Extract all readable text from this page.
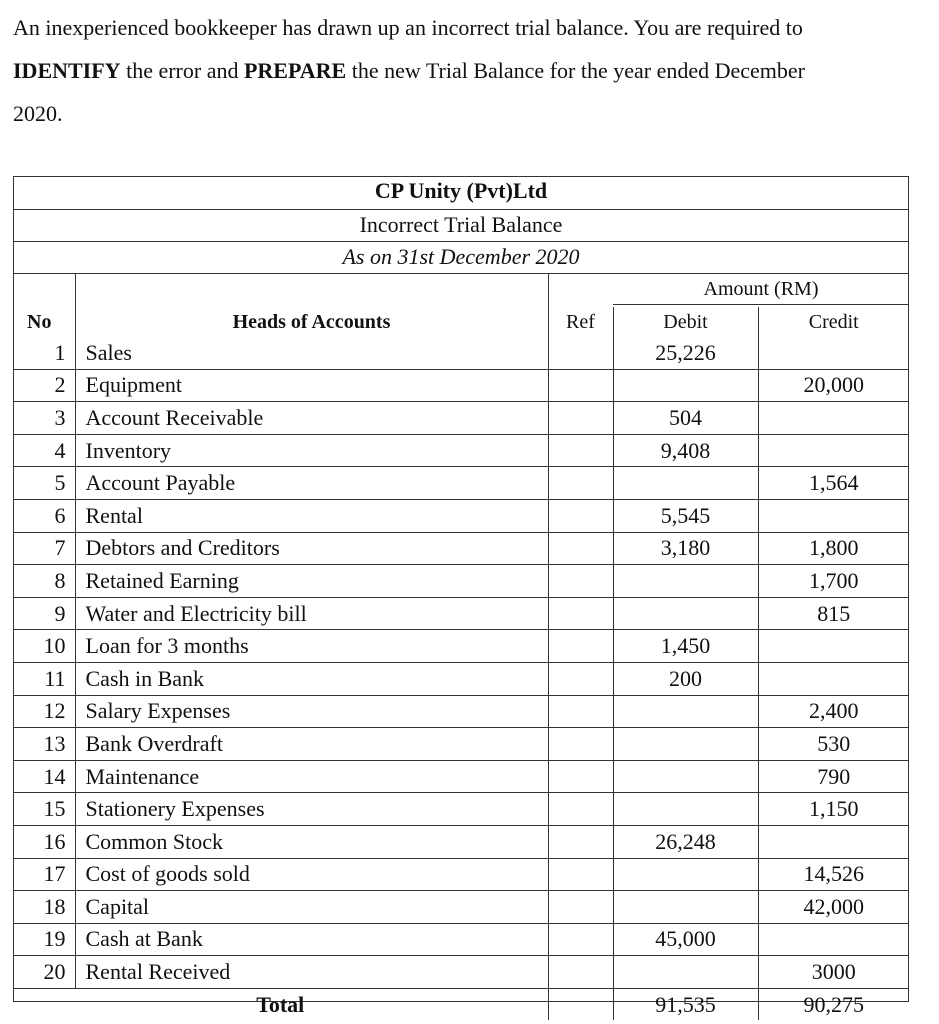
An inexperienced bookkeeper has drawn up an incorrect trial balance. You are required to
IDENTIFY the error and PREPARE the new Trial Balance for the year ended December
2020.
CP Unity (Pvt)Ltd
Incorrect Trial Balance
As on 31st December 2020
Amount (RM)
No	Heads of Accounts	Ref	Debit	Credit
1	Sales		25,226	
2	Equipment			20,000
3	Account Receivable		504	
4	Inventory		9,408	
5	Account Payable			1,564
6	Rental		5,545	
7	Debtors and Creditors		3,180	1,800
8	Retained Earning			1,700
9	Water and Electricity bill			815
10	Loan for 3 months		1,450	
11	Cash in Bank		200	
12	Salary Expenses			2,400
13	Bank Overdraft			530
14	Maintenance			790
15	Stationery Expenses			1,150
16	Common Stock		26,248	
17	Cost of goods sold			14,526
18	Capital			42,000
19	Cash at Bank		45,000	
20	Rental Received			3000
Total			91,535	90,275
